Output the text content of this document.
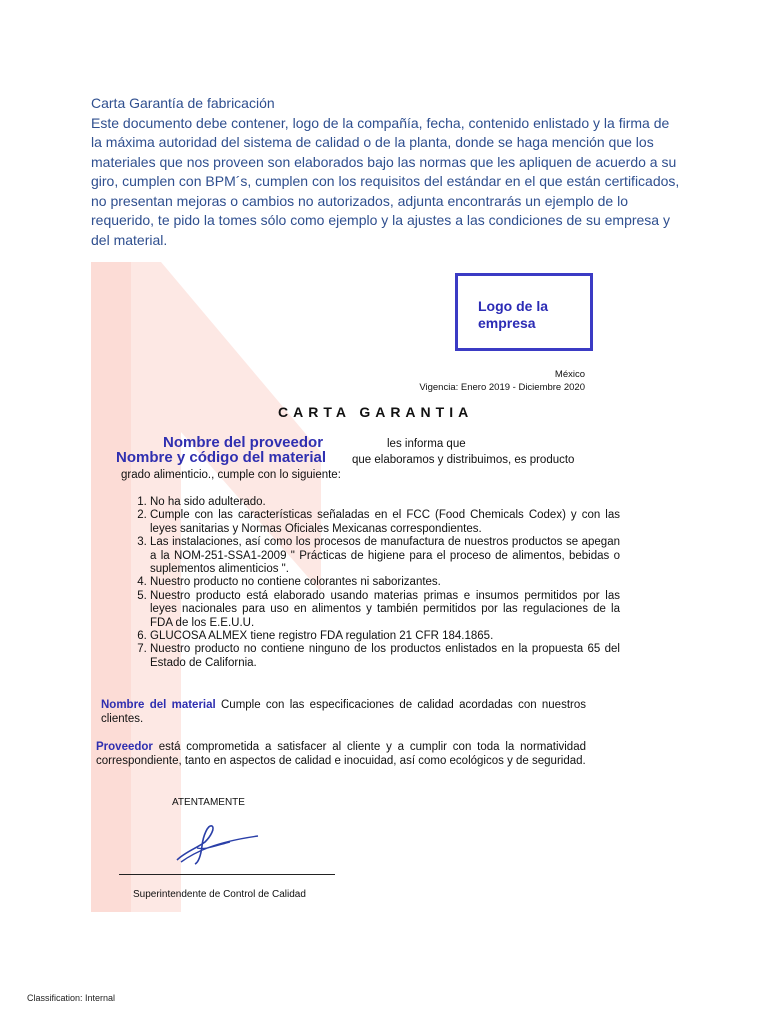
Carta Garantía de fabricación
Este documento debe contener, logo de la compañía, fecha, contenido enlistado y la firma de la máxima autoridad del sistema de calidad o de la planta, donde se haga mención que los materiales que nos proveen son elaborados bajo las normas que les apliquen de acuerdo a su giro, cumplen con BPM´s, cumplen con los requisitos del estándar en el que están certificados, no presentan mejoras o cambios no autorizados, adjunta encontrarás un ejemplo de lo requerido, te pido la tomes sólo como ejemplo y la ajustes a las condiciones de su empresa y del material.
Logo de la empresa
México
Vigencia: Enero 2019 - Diciembre 2020
CARTA GARANTIA
Nombre del proveedor	les informa que
Nombre y código del material que elaboramos y distribuimos, es producto
grado alimenticio., cumple con lo siguiente:
1. No ha sido adulterado.
2. Cumple con las características señaladas en el FCC (Food Chemicals Codex) y con las leyes sanitarias y Normas Oficiales Mexicanas correspondientes.
3. Las instalaciones, así como los procesos de manufactura de nuestros productos se apegan a la NOM-251-SSA1-2009 " Prácticas de higiene para el proceso de alimentos, bebidas o suplementos alimenticios ".
4. Nuestro producto no contiene colorantes ni saborizantes.
5. Nuestro producto está elaborado usando materias primas e insumos permitidos por las leyes nacionales para uso en alimentos y también permitidos por las regulaciones de la FDA de los E.E.U.U.
6. GLUCOSA ALMEX tiene registro FDA regulation 21 CFR 184.1865.
7. Nuestro producto no contiene ninguno de los productos enlistados en la propuesta 65 del Estado de California.
Nombre del material Cumple con las especificaciones de calidad acordadas con nuestros clientes.
Proveedor está comprometida a satisfacer al cliente y a cumplir con toda la normatividad correspondiente, tanto en aspectos de calidad e inocuidad, así como ecológicos y de seguridad.
ATENTAMENTE
Superintendente de Control de Calidad
Classification: Internal
